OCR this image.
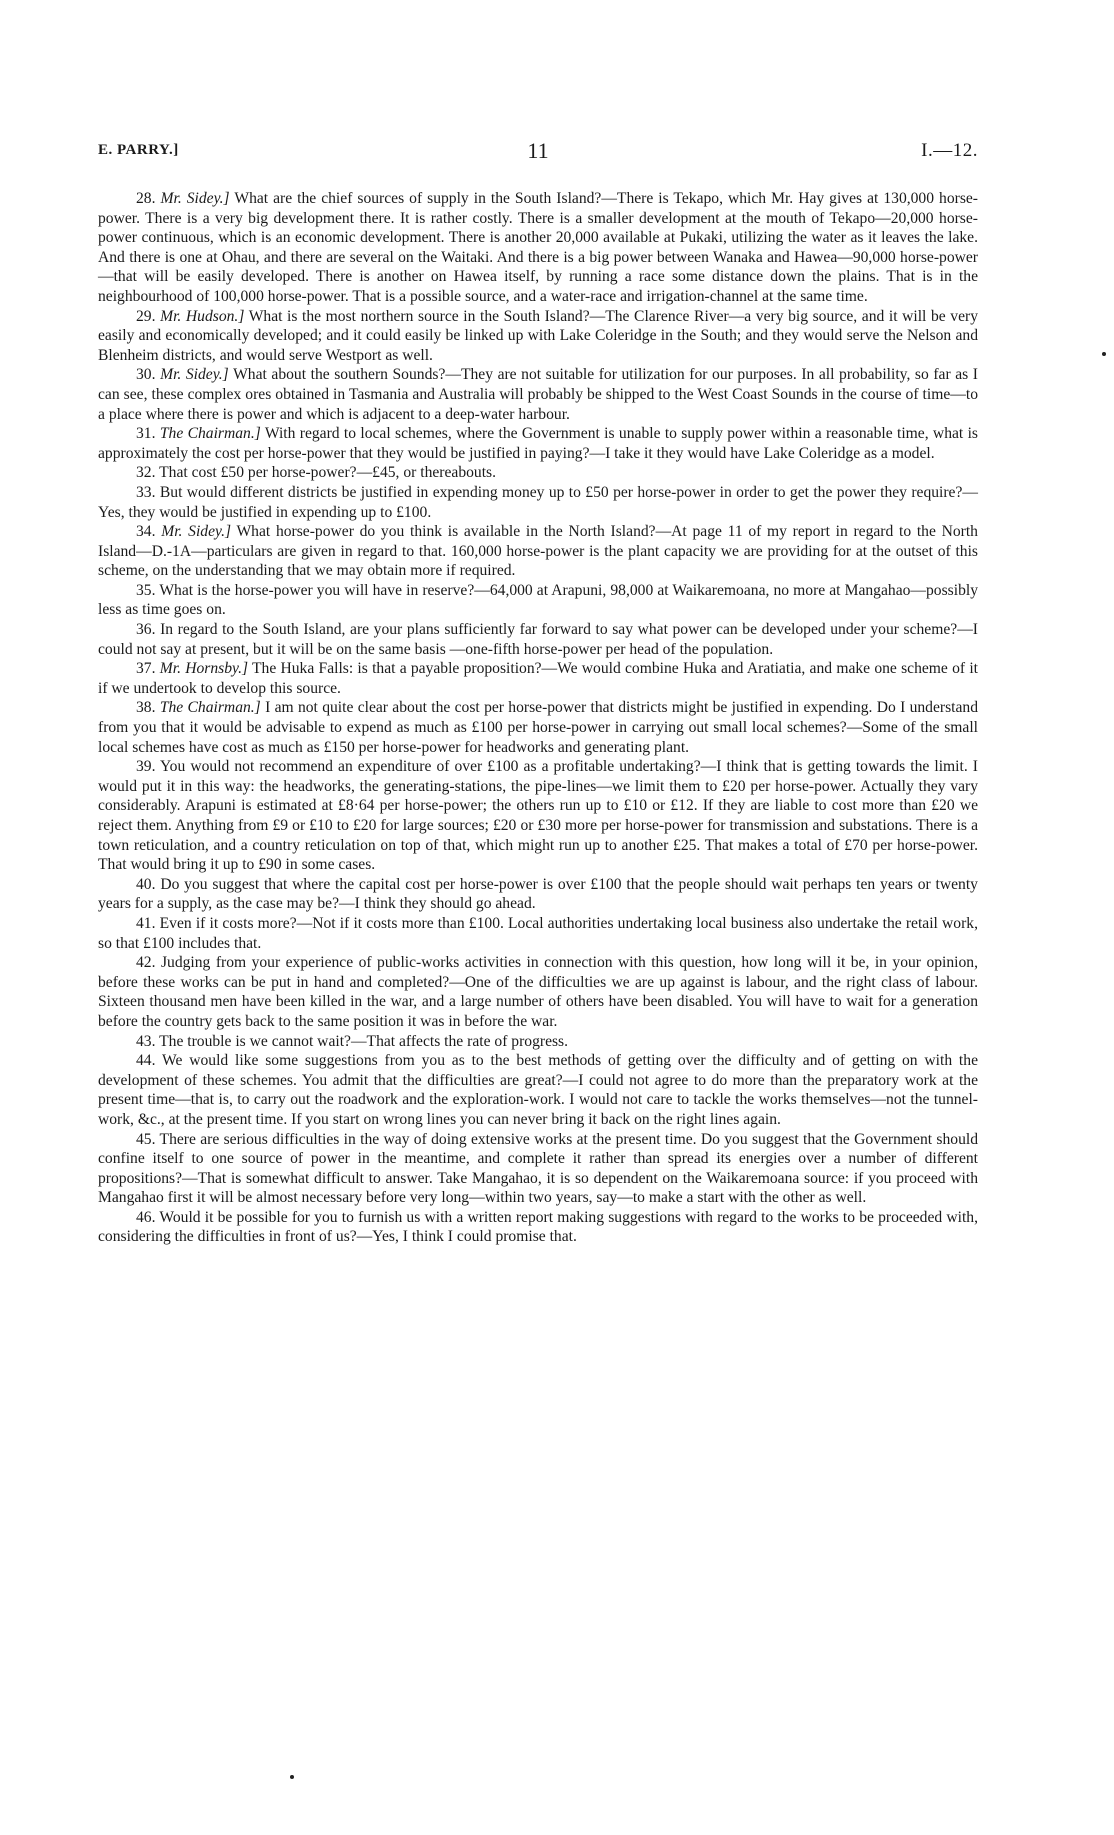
E. PARRY.]	11	I.—12.

28. Mr. Sidey.] What are the chief sources of supply in the South Island?—There is Tekapo, which Mr. Hay gives at 130,000 horse-power. There is a very big development there. It is rather costly. There is a smaller development at the mouth of Tekapo—20,000 horse-power continuous, which is an economic development. There is another 20,000 available at Pukaki, utilizing the water as it leaves the lake. And there is one at Ohau, and there are several on the Waitaki. And there is a big power between Wanaka and Hawea—90,000 horse-power—that will be easily developed. There is another on Hawea itself, by running a race some distance down the plains. That is in the neighbourhood of 100,000 horse-power. That is a possible source, and a water-race and irrigation-channel at the same time.

29. Mr. Hudson.] What is the most northern source in the South Island?—The Clarence River—a very big source, and it will be very easily and economically developed; and it could easily be linked up with Lake Coleridge in the South; and they would serve the Nelson and Blenheim districts, and would serve Westport as well.

30. Mr. Sidey.] What about the southern Sounds?—They are not suitable for utilization for our purposes. In all probability, so far as I can see, these complex ores obtained in Tasmania and Australia will probably be shipped to the West Coast Sounds in the course of time—to a place where there is power and which is adjacent to a deep-water harbour.

31. The Chairman.] With regard to local schemes, where the Government is unable to supply power within a reasonable time, what is approximately the cost per horse-power that they would be justified in paying?—I take it they would have Lake Coleridge as a model.

32. That cost £50 per horse-power?—£45, or thereabouts.

33. But would different districts be justified in expending money up to £50 per horse-power in order to get the power they require?—Yes, they would be justified in expending up to £100.

34. Mr. Sidey.] What horse-power do you think is available in the North Island?—At page 11 of my report in regard to the North Island—D.-1A—particulars are given in regard to that. 160,000 horse-power is the plant capacity we are providing for at the outset of this scheme, on the understanding that we may obtain more if required.

35. What is the horse-power you will have in reserve?—64,000 at Arapuni, 98,000 at Waikaremoana, no more at Mangahao—possibly less as time goes on.

36. In regard to the South Island, are your plans sufficiently far forward to say what power can be developed under your scheme?—I could not say at present, but it will be on the same basis —one-fifth horse-power per head of the population.

37. Mr. Hornsby.] The Huka Falls: is that a payable proposition?—We would combine Huka and Aratiatia, and make one scheme of it if we undertook to develop this source.

38. The Chairman.] I am not quite clear about the cost per horse-power that districts might be justified in expending. Do I understand from you that it would be advisable to expend as much as £100 per horse-power in carrying out small local schemes?—Some of the small local schemes have cost as much as £150 per horse-power for headworks and generating plant.

39. You would not recommend an expenditure of over £100 as a profitable undertaking?—I think that is getting towards the limit. I would put it in this way: the headworks, the generating-stations, the pipe-lines—we limit them to £20 per horse-power. Actually they vary considerably. Arapuni is estimated at £8·64 per horse-power; the others run up to £10 or £12. If they are liable to cost more than £20 we reject them. Anything from £9 or £10 to £20 for large sources; £20 or £30 more per horse-power for transmission and substations. There is a town reticulation, and a country reticulation on top of that, which might run up to another £25. That makes a total of £70 per horse-power. That would bring it up to £90 in some cases.

40. Do you suggest that where the capital cost per horse-power is over £100 that the people should wait perhaps ten years or twenty years for a supply, as the case may be?—I think they should go ahead.

41. Even if it costs more?—Not if it costs more than £100. Local authorities undertaking local business also undertake the retail work, so that £100 includes that.

42. Judging from your experience of public-works activities in connection with this question, how long will it be, in your opinion, before these works can be put in hand and completed?—One of the difficulties we are up against is labour, and the right class of labour. Sixteen thousand men have been killed in the war, and a large number of others have been disabled. You will have to wait for a generation before the country gets back to the same position it was in before the war.

43. The trouble is we cannot wait?—That affects the rate of progress.

44. We would like some suggestions from you as to the best methods of getting over the difficulty and of getting on with the development of these schemes. You admit that the difficulties are great?—I could not agree to do more than the preparatory work at the present time—that is, to carry out the roadwork and the exploration-work. I would not care to tackle the works themselves—not the tunnel-work, &c., at the present time. If you start on wrong lines you can never bring it back on the right lines again.

45. There are serious difficulties in the way of doing extensive works at the present time. Do you suggest that the Government should confine itself to one source of power in the meantime, and complete it rather than spread its energies over a number of different propositions?—That is somewhat difficult to answer. Take Mangahao, it is so dependent on the Waikaremoana source: if you proceed with Mangahao first it will be almost necessary before very long—within two years, say—to make a start with the other as well.

46. Would it be possible for you to furnish us with a written report making suggestions with regard to the works to be proceeded with, considering the difficulties in front of us?—Yes, I think I could promise that.
